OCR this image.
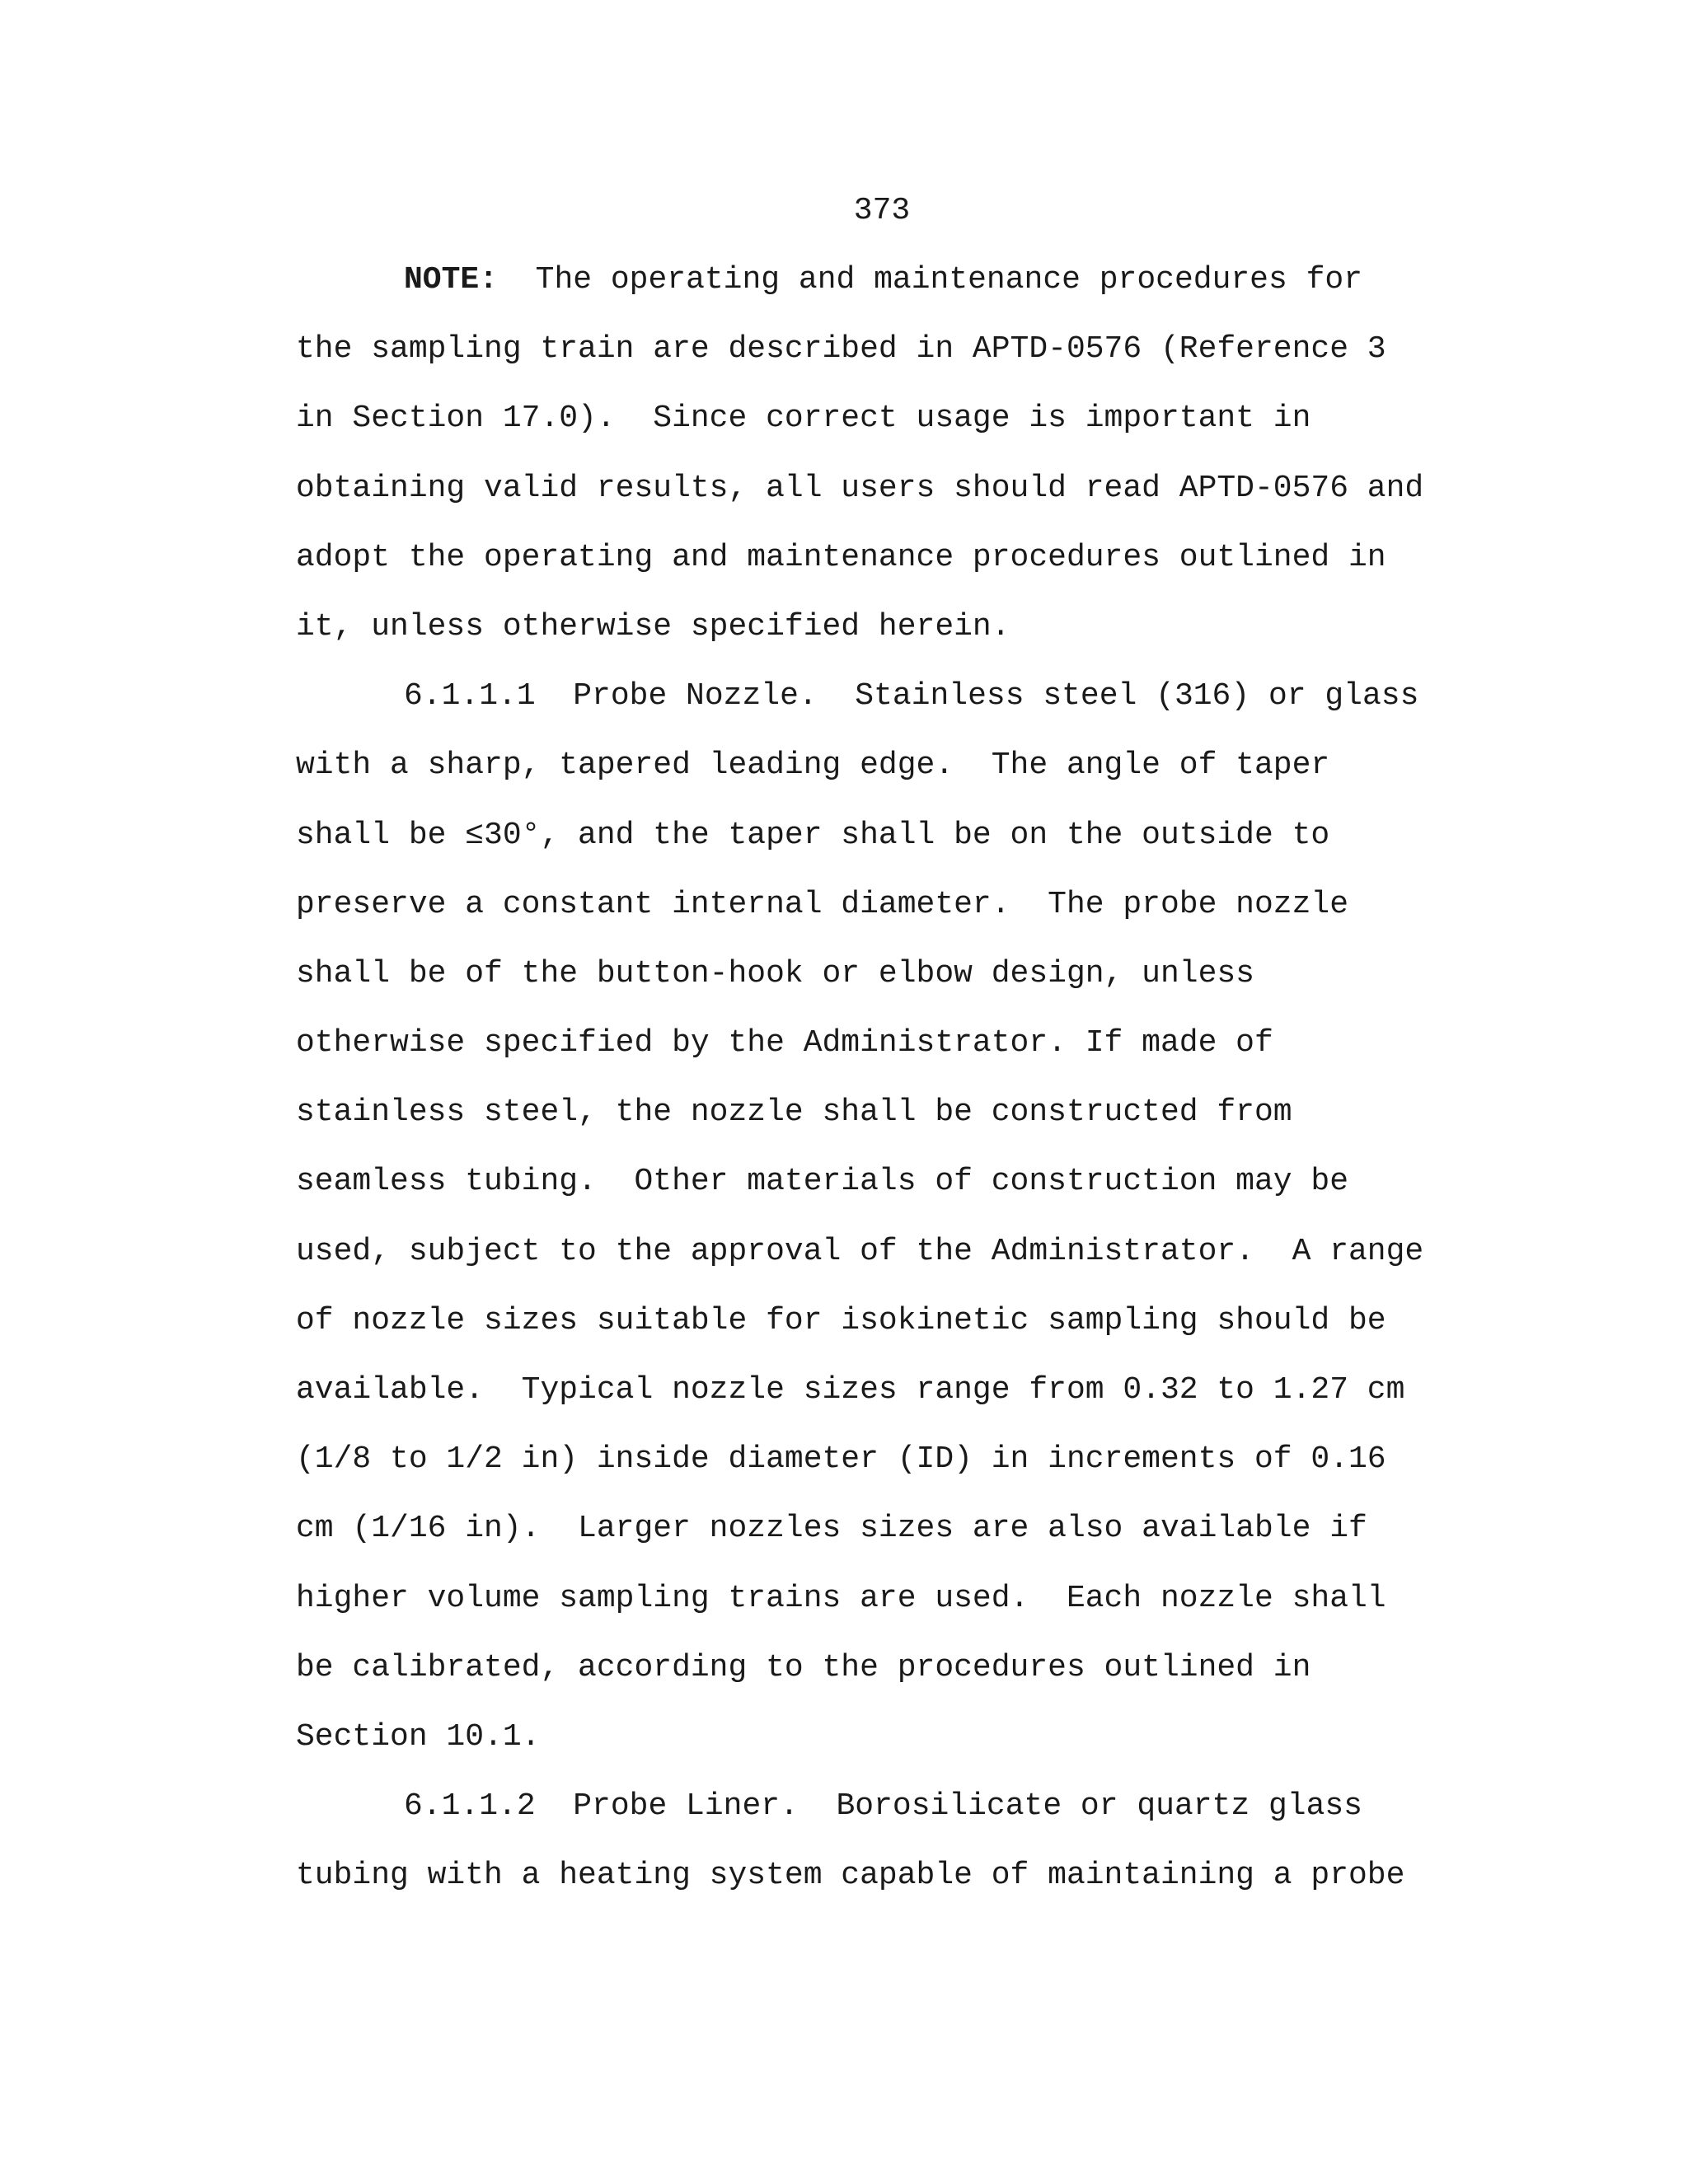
373
NOTE:  The operating and maintenance procedures for
the sampling train are described in APTD-0576 (Reference 3
in Section 17.0).  Since correct usage is important in
obtaining valid results, all users should read APTD-0576 and
adopt the operating and maintenance procedures outlined in
it, unless otherwise specified herein.
6.1.1.1  Probe Nozzle.  Stainless steel (316) or glass
with a sharp, tapered leading edge.  The angle of taper
shall be ≤30°, and the taper shall be on the outside to
preserve a constant internal diameter.  The probe nozzle
shall be of the button-hook or elbow design, unless
otherwise specified by the Administrator. If made of
stainless steel, the nozzle shall be constructed from
seamless tubing.  Other materials of construction may be
used, subject to the approval of the Administrator.  A range
of nozzle sizes suitable for isokinetic sampling should be
available.  Typical nozzle sizes range from 0.32 to 1.27 cm
(1/8 to 1/2 in) inside diameter (ID) in increments of 0.16
cm (1/16 in).  Larger nozzles sizes are also available if
higher volume sampling trains are used.  Each nozzle shall
be calibrated, according to the procedures outlined in
Section 10.1.
6.1.1.2  Probe Liner.  Borosilicate or quartz glass
tubing with a heating system capable of maintaining a probe
